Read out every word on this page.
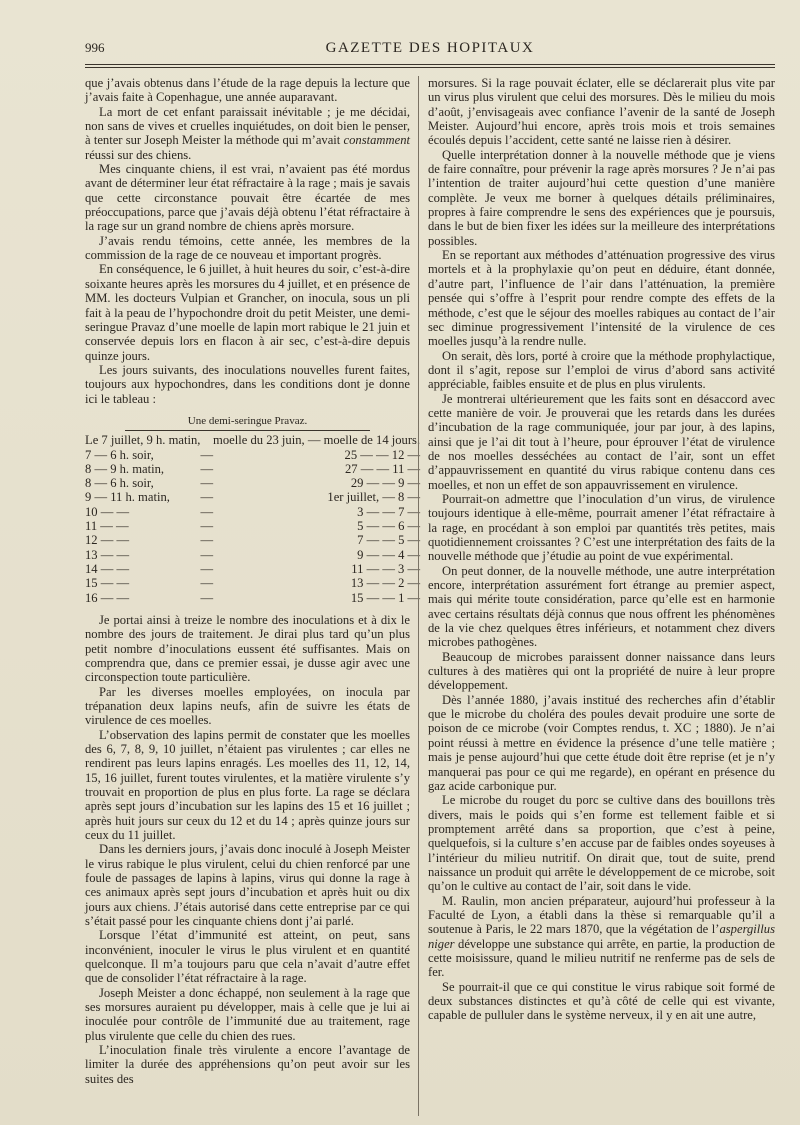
996	GAZETTE DES HOPITAUX

que j’avais obtenus dans l’étude de la rage depuis la lecture que j’avais faite à Copenhague, une année auparavant.

La mort de cet enfant paraissait inévitable ; je me décidai, non sans de vives et cruelles inquiétudes, on doit bien le penser, à tenter sur Joseph Meister la méthode qui m’avait constamment réussi sur des chiens.

Mes cinquante chiens, il est vrai, n’avaient pas été mordus avant de déterminer leur état réfractaire à la rage ; mais je savais que cette circonstance pouvait être écartée de mes préoccupations, parce que j’avais déjà obtenu l’état réfractaire à la rage sur un grand nombre de chiens après morsure.

J’avais rendu témoins, cette année, les membres de la commission de la rage de ce nouveau et important progrès.

En conséquence, le 6 juillet, à huit heures du soir, c’est-à-dire soixante heures après les morsures du 4 juillet, et en présence de MM. les docteurs Vulpian et Grancher, on inocula, sous un pli fait à la peau de l’hypochondre droit du petit Meister, une demi-seringue Pravaz d’une moelle de lapin mort rabique le 21 juin et conservée depuis lors en flacon à air sec, c’est-à-dire depuis quinze jours.

Les jours suivants, des inoculations nouvelles furent faites, toujours aux hypochondres, dans les conditions dont je donne ici le tableau :

Une demi-seringue Pravaz.
Le 7 juillet, 9 h. matin,		moelle du 23 juin, — moelle de 14 jours.
7 — 6 h. soir,	—	25 — — 12 —
8 — 9 h. matin,	—	27 — — 11 —
8 — 6 h. soir,	—	29 — — 9 —
9 — 11 h. matin,	—	1er juillet, — 8 —
10 — —	—	3 — — 7 —
11 — —	—	5 — — 6 —
12 — —	—	7 — — 5 —
13 — —	—	9 — — 4 —
14 — —	—	11 — — 3 —
15 — —	—	13 — — 2 —
16 — —	—	15 — — 1 —

Je portai ainsi à treize le nombre des inoculations et à dix le nombre des jours de traitement. Je dirai plus tard qu’un plus petit nombre d’inoculations eussent été suffisantes. Mais on comprendra que, dans ce premier essai, je dusse agir avec une circonspection toute particulière.

Par les diverses moelles employées, on inocula par trépanation deux lapins neufs, afin de suivre les états de virulence de ces moelles.

L’observation des lapins permit de constater que les moelles des 6, 7, 8, 9, 10 juillet, n’étaient pas virulentes ; car elles ne rendirent pas leurs lapins enragés. Les moelles des 11, 12, 14, 15, 16 juillet, furent toutes virulentes, et la matière virulente s’y trouvait en proportion de plus en plus forte. La rage se déclara après sept jours d’incubation sur les lapins des 15 et 16 juillet ; après huit jours sur ceux du 12 et du 14 ; après quinze jours sur ceux du 11 juillet.

Dans les derniers jours, j’avais donc inoculé à Joseph Meister le virus rabique le plus virulent, celui du chien renforcé par une foule de passages de lapins à lapins, virus qui donne la rage à ces animaux après sept jours d’incubation et après huit ou dix jours aux chiens. J’étais autorisé dans cette entreprise par ce qui s’était passé pour les cinquante chiens dont j’ai parlé.

Lorsque l’état d’immunité est atteint, on peut, sans inconvénient, inoculer le virus le plus virulent et en quantité quelconque. Il m’a toujours paru que cela n’avait d’autre effet que de consolider l’état réfractaire à la rage.

Joseph Meister a donc échappé, non seulement à la rage que ses morsures auraient pu développer, mais à celle que je lui ai inoculée pour contrôle de l’immunité due au traitement, rage plus virulente que celle du chien des rues.

L’inoculation finale très virulente a encore l’avantage de limiter la durée des appréhensions qu’on peut avoir sur les suites des

morsures. Si la rage pouvait éclater, elle se déclarerait plus vite par un virus plus virulent que celui des morsures. Dès le milieu du mois d’août, j’envisageais avec confiance l’avenir de la santé de Joseph Meister. Aujourd’hui encore, après trois mois et trois semaines écoulés depuis l’accident, cette santé ne laisse rien à désirer.

Quelle interprétation donner à la nouvelle méthode que je viens de faire connaître, pour prévenir la rage après morsures ? Je n’ai pas l’intention de traiter aujourd’hui cette question d’une manière complète. Je veux me borner à quelques détails préliminaires, propres à faire comprendre le sens des expériences que je poursuis, dans le but de bien fixer les idées sur la meilleure des interprétations possibles.

En se reportant aux méthodes d’atténuation progressive des virus mortels et à la prophylaxie qu’on peut en déduire, étant donnée, d’autre part, l’influence de l’air dans l’atténuation, la première pensée qui s’offre à l’esprit pour rendre compte des effets de la méthode, c’est que le séjour des moelles rabiques au contact de l’air sec diminue progressivement l’intensité de la virulence de ces moelles jusqu’à la rendre nulle.

On serait, dès lors, porté à croire que la méthode prophylactique, dont il s’agit, repose sur l’emploi de virus d’abord sans activité appréciable, faibles ensuite et de plus en plus virulents.

Je montrerai ultérieurement que les faits sont en désaccord avec cette manière de voir. Je prouverai que les retards dans les durées d’incubation de la rage communiquée, jour par jour, à des lapins, ainsi que je l’ai dit tout à l’heure, pour éprouver l’état de virulence de nos moelles desséchées au contact de l’air, sont un effet d’appauvrissement en quantité du virus rabique contenu dans ces moelles, et non un effet de son appauvrissement en virulence.

Pourrait-on admettre que l’inoculation d’un virus, de virulence toujours identique à elle-même, pourrait amener l’état réfractaire à la rage, en procédant à son emploi par quantités très petites, mais quotidiennement croissantes ? C’est une interprétation des faits de la nouvelle méthode que j’étudie au point de vue expérimental.

On peut donner, de la nouvelle méthode, une autre interprétation encore, interprétation assurément fort étrange au premier aspect, mais qui mérite toute considération, parce qu’elle est en harmonie avec certains résultats déjà connus que nous offrent les phénomènes de la vie chez quelques êtres inférieurs, et notamment chez divers microbes pathogènes.

Beaucoup de microbes paraissent donner naissance dans leurs cultures à des matières qui ont la propriété de nuire à leur propre développement.

Dès l’année 1880, j’avais institué des recherches afin d’établir que le microbe du choléra des poules devait produire une sorte de poison de ce microbe (voir Comptes rendus, t. XC ; 1880). Je n’ai point réussi à mettre en évidence la présence d’une telle matière ; mais je pense aujourd’hui que cette étude doit être reprise (et je n’y manquerai pas pour ce qui me regarde), en opérant en présence du gaz acide carbonique pur.

Le microbe du rouget du porc se cultive dans des bouillons très divers, mais le poids qui s’en forme est tellement faible et si promptement arrêté dans sa proportion, que c’est à peine, quelquefois, si la culture s’en accuse par de faibles ondes soyeuses à l’intérieur du milieu nutritif. On dirait que, tout de suite, prend naissance un produit qui arrête le développement de ce microbe, soit qu’on le cultive au contact de l’air, soit dans le vide.

M. Raulin, mon ancien préparateur, aujourd’hui professeur à la Faculté de Lyon, a établi dans la thèse si remarquable qu’il a soutenue à Paris, le 22 mars 1870, que la végétation de l’aspergillus niger développe une substance qui arrête, en partie, la production de cette moisissure, quand le milieu nutritif ne renferme pas de sels de fer.

Se pourrait-il que ce qui constitue le virus rabique soit formé de deux substances distinctes et qu’à côté de celle qui est vivante, capable de pulluler dans le système nerveux, il y en ait une autre,
